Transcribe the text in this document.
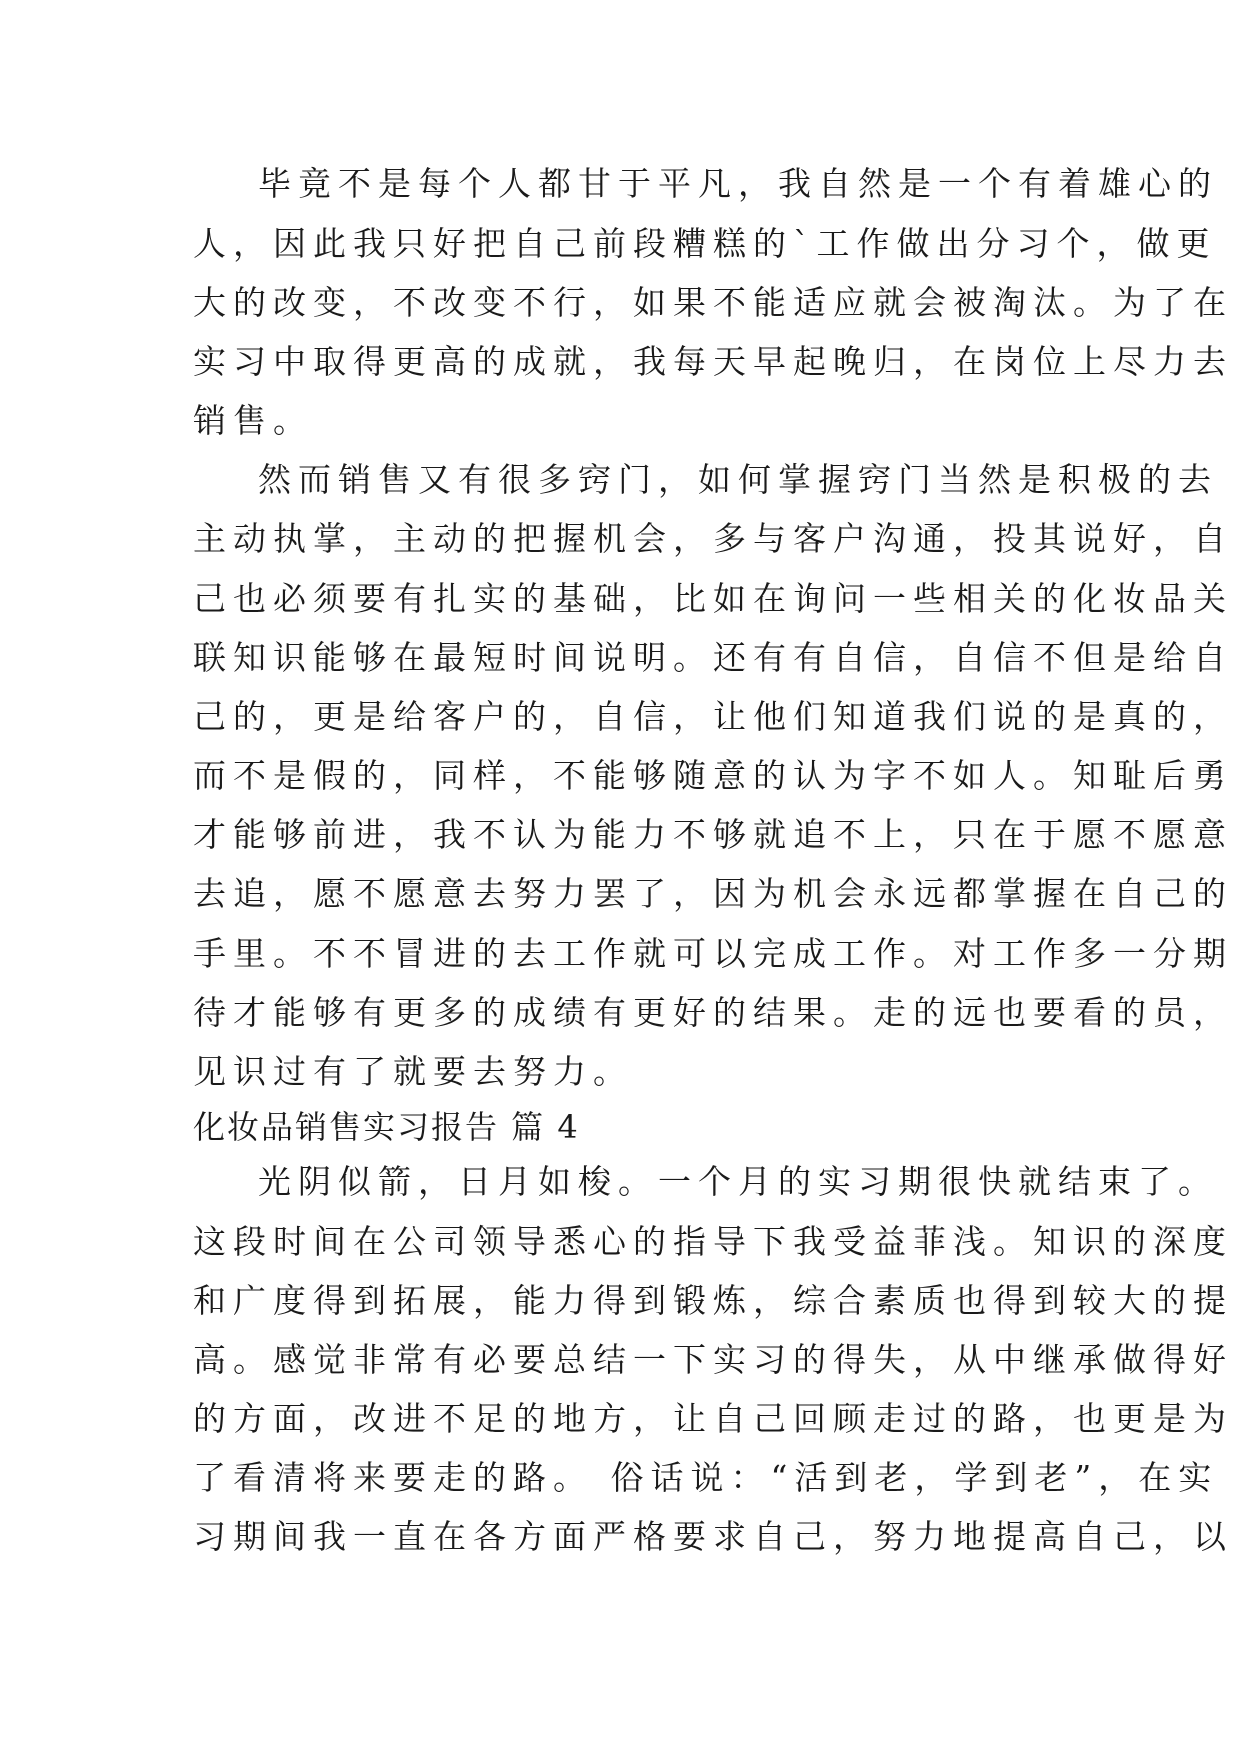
毕竟不是每个人都甘于平凡，我自然是一个有着雄心的

人，因此我只好把自己前段糟糕的`工作做出分习个，做更

大的改变，不改变不行，如果不能适应就会被淘汰。为了在

实习中取得更高的成就，我每天早起晚归，在岗位上尽力去

销售。

然而销售又有很多窍门，如何掌握窍门当然是积极的去

主动执掌，主动的把握机会，多与客户沟通，投其说好，自

己也必须要有扎实的基础，比如在询问一些相关的化妆品关

联知识能够在最短时间说明。还有有自信，自信不但是给自

己的，更是给客户的，自信，让他们知道我们说的是真的，

而不是假的，同样，不能够随意的认为字不如人。知耻后勇

才能够前进，我不认为能力不够就追不上，只在于愿不愿意

去追，愿不愿意去努力罢了，因为机会永远都掌握在自己的

手里。不不冒进的去工作就可以完成工作。对工作多一分期

待才能够有更多的成绩有更好的结果。走的远也要看的员，

见识过有了就要去努力。

化妆品销售实习报告 篇 4

光阴似箭，日月如梭。一个月的实习期很快就结束了。

这段时间在公司领导悉心的指导下我受益菲浅。知识的深度

和广度得到拓展，能力得到锻炼，综合素质也得到较大的提

高。感觉非常有必要总结一下实习的得失，从中继承做得好

的方面，改进不足的地方，让自己回顾走过的路，也更是为

了看清将来要走的路。 俗话说：“活到老，学到老”，在实

习期间我一直在各方面严格要求自己，努力地提高自己，以
